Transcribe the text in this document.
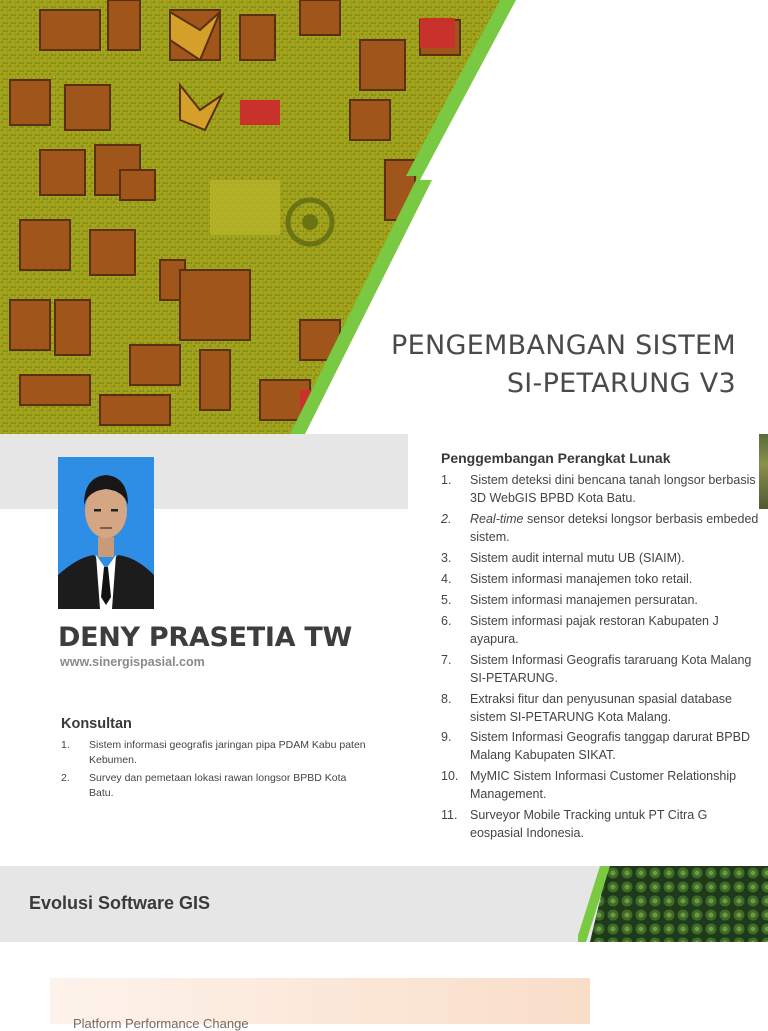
PENGEMBANGAN SISTEM
SI-PETARUNG V3
DENY PRASETIA TW
www.sinergispasial.com
Konsultan
1. Sistem informasi geografis jaringan pipa PDAM Kabu paten Kebumen.
2. Survey dan pemetaan lokasi rawan longsor BPBD Kota Batu.
Penggembangan Perangkat Lunak
1. Sistem deteksi dini bencana tanah longsor berbasis 3D WebGIS BPBD Kota Batu.
2. Real-time sensor deteksi longsor berbasis embeded sistem.
3. Sistem audit internal mutu UB (SIAIM).
4. Sistem informasi manajemen toko retail.
5. Sistem informasi manajemen persuratan.
6. Sistem informasi pajak restoran Kabupaten J ayapura.
7. Sistem Informasi Geografis tararuang Kota Malang SI-PETARUNG.
8. Extraksi fitur dan penyusunan spasial database sistem SI-PETARUNG Kota Malang.
9. Sistem Informasi Geografis tanggap darurat BPBD Malang Kabupaten SIKAT.
10. MyMIC Sistem Informasi Customer Relationship Management.
11. Surveyor Mobile Tracking untuk PT Citra G eospasial Indonesia.
Evolusi Software GIS
Platform Performance Change
